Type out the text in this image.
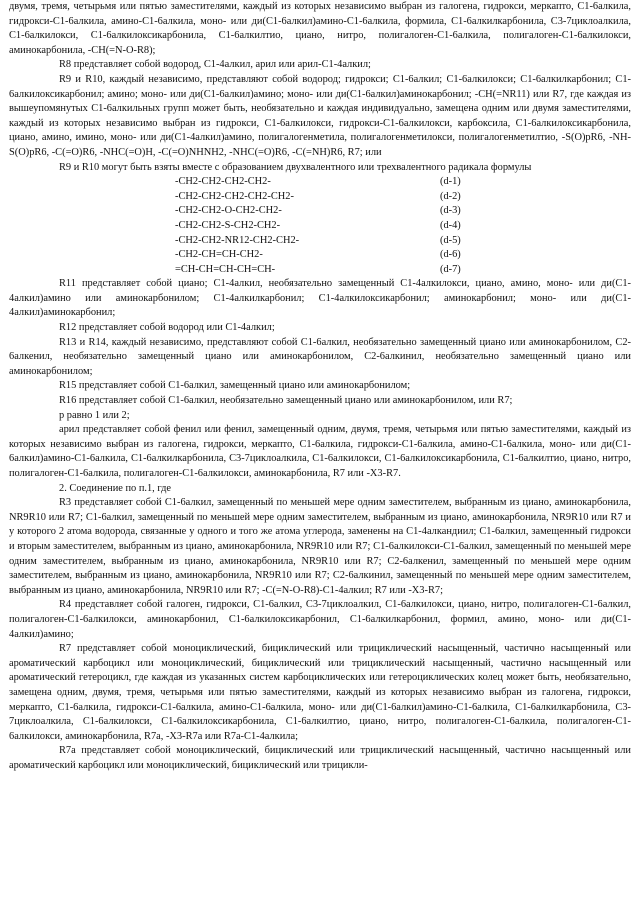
двумя, тремя, четырьмя или пятью заместителями, каждый из которых независимо выбран из галогена, гидрокси, меркапто, C1-6алкила, гидрокси-C1-6алкила, амино-C1-6алкила, моно- или ди(C1-6алкил)амино-C1-6алкила, формила, C1-6алкилкарбонила, C3-7циклоалкила, C1-6алкилокси, C1-6алкилоксикарбонила, C1-6алкилтио, циано, нитро, полигалоген-C1-6алкила, полигалоген-C1-6алкилокси, аминокарбонила, -CH(=N-O-R8);

R8 представляет собой водород, C1-4алкил, арил или арил-C1-4алкил;

R9 и R10, каждый независимо, представляют собой водород; гидрокси; C1-6алкил; C1-6алкилокси; C1-6алкилкарбонил; C1-6алкилоксикарбонил; амино; моно- или ди(C1-6алкил)амино; моно- или ди(C1-6алкил)аминокарбонил; -CH(=NR11) или R7, где каждая из вышеупомянутых C1-6алкильных групп может быть, необязательно и каждая индивидуально, замещена одним или двумя заместителями, каждый из которых независимо выбран из гидрокси, C1-6алкилокси, гидрокси-C1-6алкилокси, карбоксила, C1-6алкилоксикарбонила, циано, амино, имино, моно- или ди(C1-4алкил)амино, полигалогенметила, полигалогенметилокси, полигалогенметилтио, -S(O)pR6, -NH-S(O)pR6, -C(=O)R6, -NHC(=O)H, -C(=O)NHNH2, -NHC(=O)R6, -C(=NH)R6, R7; или

R9 и R10 могут быть взяты вместе с образованием двухвалентного или трехвалентного радикала формулы

-CH2-CH2-CH2-CH2-	(d-1)
-CH2-CH2-CH2-CH2-CH2-	(d-2)
-CH2-CH2-O-CH2-CH2-	(d-3)
-CH2-CH2-S-CH2-CH2-	(d-4)
-CH2-CH2-NR12-CH2-CH2-	(d-5)
-CH2-CH=CH-CH2-	(d-6)
=CH-CH=CH-CH=CH-	(d-7)

R11 представляет собой циано; C1-4алкил, необязательно замещенный C1-4алкилокси, циано, амино, моно- или ди(C1-4алкил)амино или аминокарбонилом; C1-4алкилкарбонил; C1-4алкилоксикарбонил; аминокарбонил; моно- или ди(C1-4алкил)аминокарбонил;

R12 представляет собой водород или C1-4алкил;

R13 и R14, каждый независимо, представляют собой C1-6алкил, необязательно замещенный циано или аминокарбонилом, C2-6алкенил, необязательно замещенный циано или аминокарбонилом, C2-6алкинил, необязательно замещенный циано или аминокарбонилом;

R15 представляет собой C1-6алкил, замещенный циано или аминокарбонилом;

R16 представляет собой C1-6алкил, необязательно замещенный циано или аминокарбонилом, или R7;

p равно 1 или 2;

арил представляет собой фенил или фенил, замещенный одним, двумя, тремя, четырьмя или пятью заместителями, каждый из которых независимо выбран из галогена, гидрокси, меркапто, C1-6алкила, гидрокси-C1-6алкила, амино-C1-6алкила, моно- или ди(C1-6алкил)амино-C1-6алкила, C1-6алкилкарбонила, C3-7циклоалкила, C1-6алкилокси, C1-6алкилоксикарбонила, C1-6алкилтио, циано, нитро, полигалоген-C1-6алкила, полигалоген-C1-6алкилокси, аминокарбонила, R7 или -X3-R7.

2. Соединение по п.1, где

R3 представляет собой C1-6алкил, замещенный по меньшей мере одним заместителем, выбранным из циано, аминокарбонила, NR9R10 или R7; C1-6алкил, замещенный по меньшей мере одним заместителем, выбранным из циано, аминокарбонила, NR9R10 или R7 и у которого 2 атома водорода, связанные у одного и того же атома углерода, заменены на C1-4алкандиил; C1-6алкил, замещенный гидрокси и вторым заместителем, выбранным из циано, аминокарбонила, NR9R10 или R7; C1-6алкилокси-C1-6алкил, замещенный по меньшей мере одним заместителем, выбранным из циано, аминокарбонила, NR9R10 или R7; C2-6алкенил, замещенный по меньшей мере одним заместителем, выбранным из циано, аминокарбонила, NR9R10 или R7; C2-6алкинил, замещенный по меньшей мере одним заместителем, выбранным из циано, аминокарбонила, NR9R10 или R7; -C(=N-O-R8)-C1-4алкил; R7 или -X3-R7;

R4 представляет собой галоген, гидрокси, C1-6алкил, C3-7циклоалкил, C1-6алкилокси, циано, нитро, полигалоген-C1-6алкил, полигалоген-C1-6алкилокси, аминокарбонил, C1-6алкилоксикарбонил, C1-6алкилкарбонил, формил, амино, моно- или ди(C1-4алкил)амино;

R7 представляет собой моноциклический, бициклический или трициклический насыщенный, частично насыщенный или ароматический карбоцикл или моноциклический, бициклический или трициклический насыщенный, частично насыщенный или ароматический гетероцикл, где каждая из указанных систем карбоциклических или гетероциклических колец может быть, необязательно, замещена одним, двумя, тремя, четырьмя или пятью заместителями, каждый из которых независимо выбран из галогена, гидрокси, меркапто, C1-6алкила, гидрокси-C1-6алкила, амино-C1-6алкила, моно- или ди(C1-6алкил)амино-C1-6алкила, C1-6алкилкарбонила, C3-7циклоалкила, C1-6алкилокси, C1-6алкилоксикарбонила, C1-6алкилтио, циано, нитро, полигалоген-C1-6алкила, полигалоген-C1-6алкилокси, аминокарбонила, R7a, -X3-R7a или R7a-C1-4алкила;

R7a представляет собой моноциклический, бициклический или трициклический насыщенный, частично насыщенный или ароматический карбоцикл или моноциклический, бициклический или трицикли-
